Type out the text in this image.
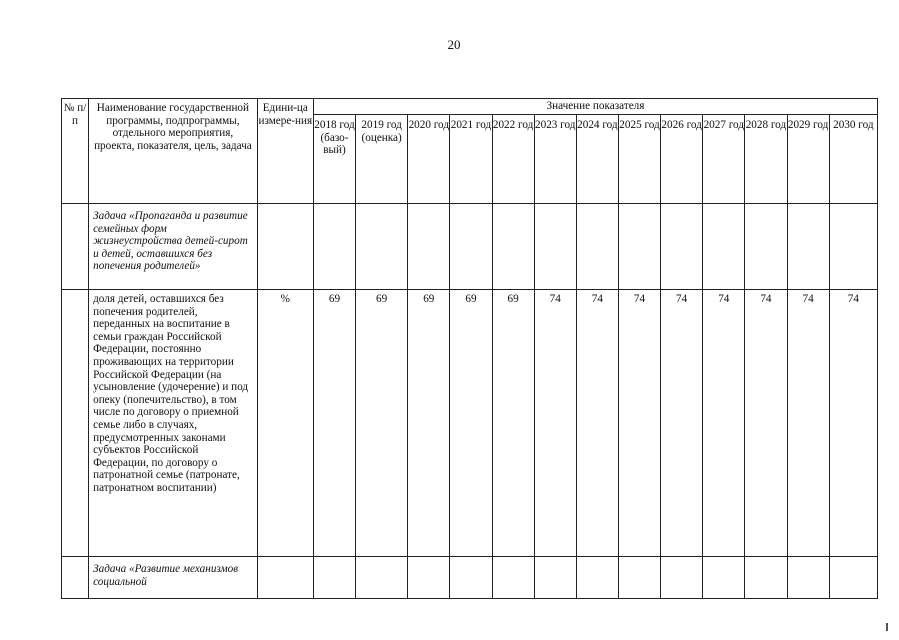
20
№ п/п	Наименование государственной программы, подпрограммы, отдельного мероприятия, проекта, показателя, цель, задача	Едини-ца измере-ния	Значение показателя												
			2018 год (базо-вый)	2019 год (оценка)	2020 год	2021 год	2022 год	2023 год	2024 год	2025 год	2026 год	2027 год	2028 год	2029 год	2030 год
	Задача «Пропаганда и развитие семейных форм жизнеустройства детей-сирот и детей, оставшихся без попечения родителей»														
	доля детей, оставшихся без попечения родителей, переданных на воспитание в семьи граждан Российской Федерации, постоянно проживающих на территории Российской Федерации (на усыновление (удочерение) и под опеку (попечительство), в том числе по договору о приемной семье либо в случаях, предусмотренных законами субъектов Российской Федерации, по договору о патронатной семье (патронате, патронатном воспитании)	%	69	69	69	69	69	74	74	74	74	74	74	74	74
	Задача «Развитие механизмов социальной														
